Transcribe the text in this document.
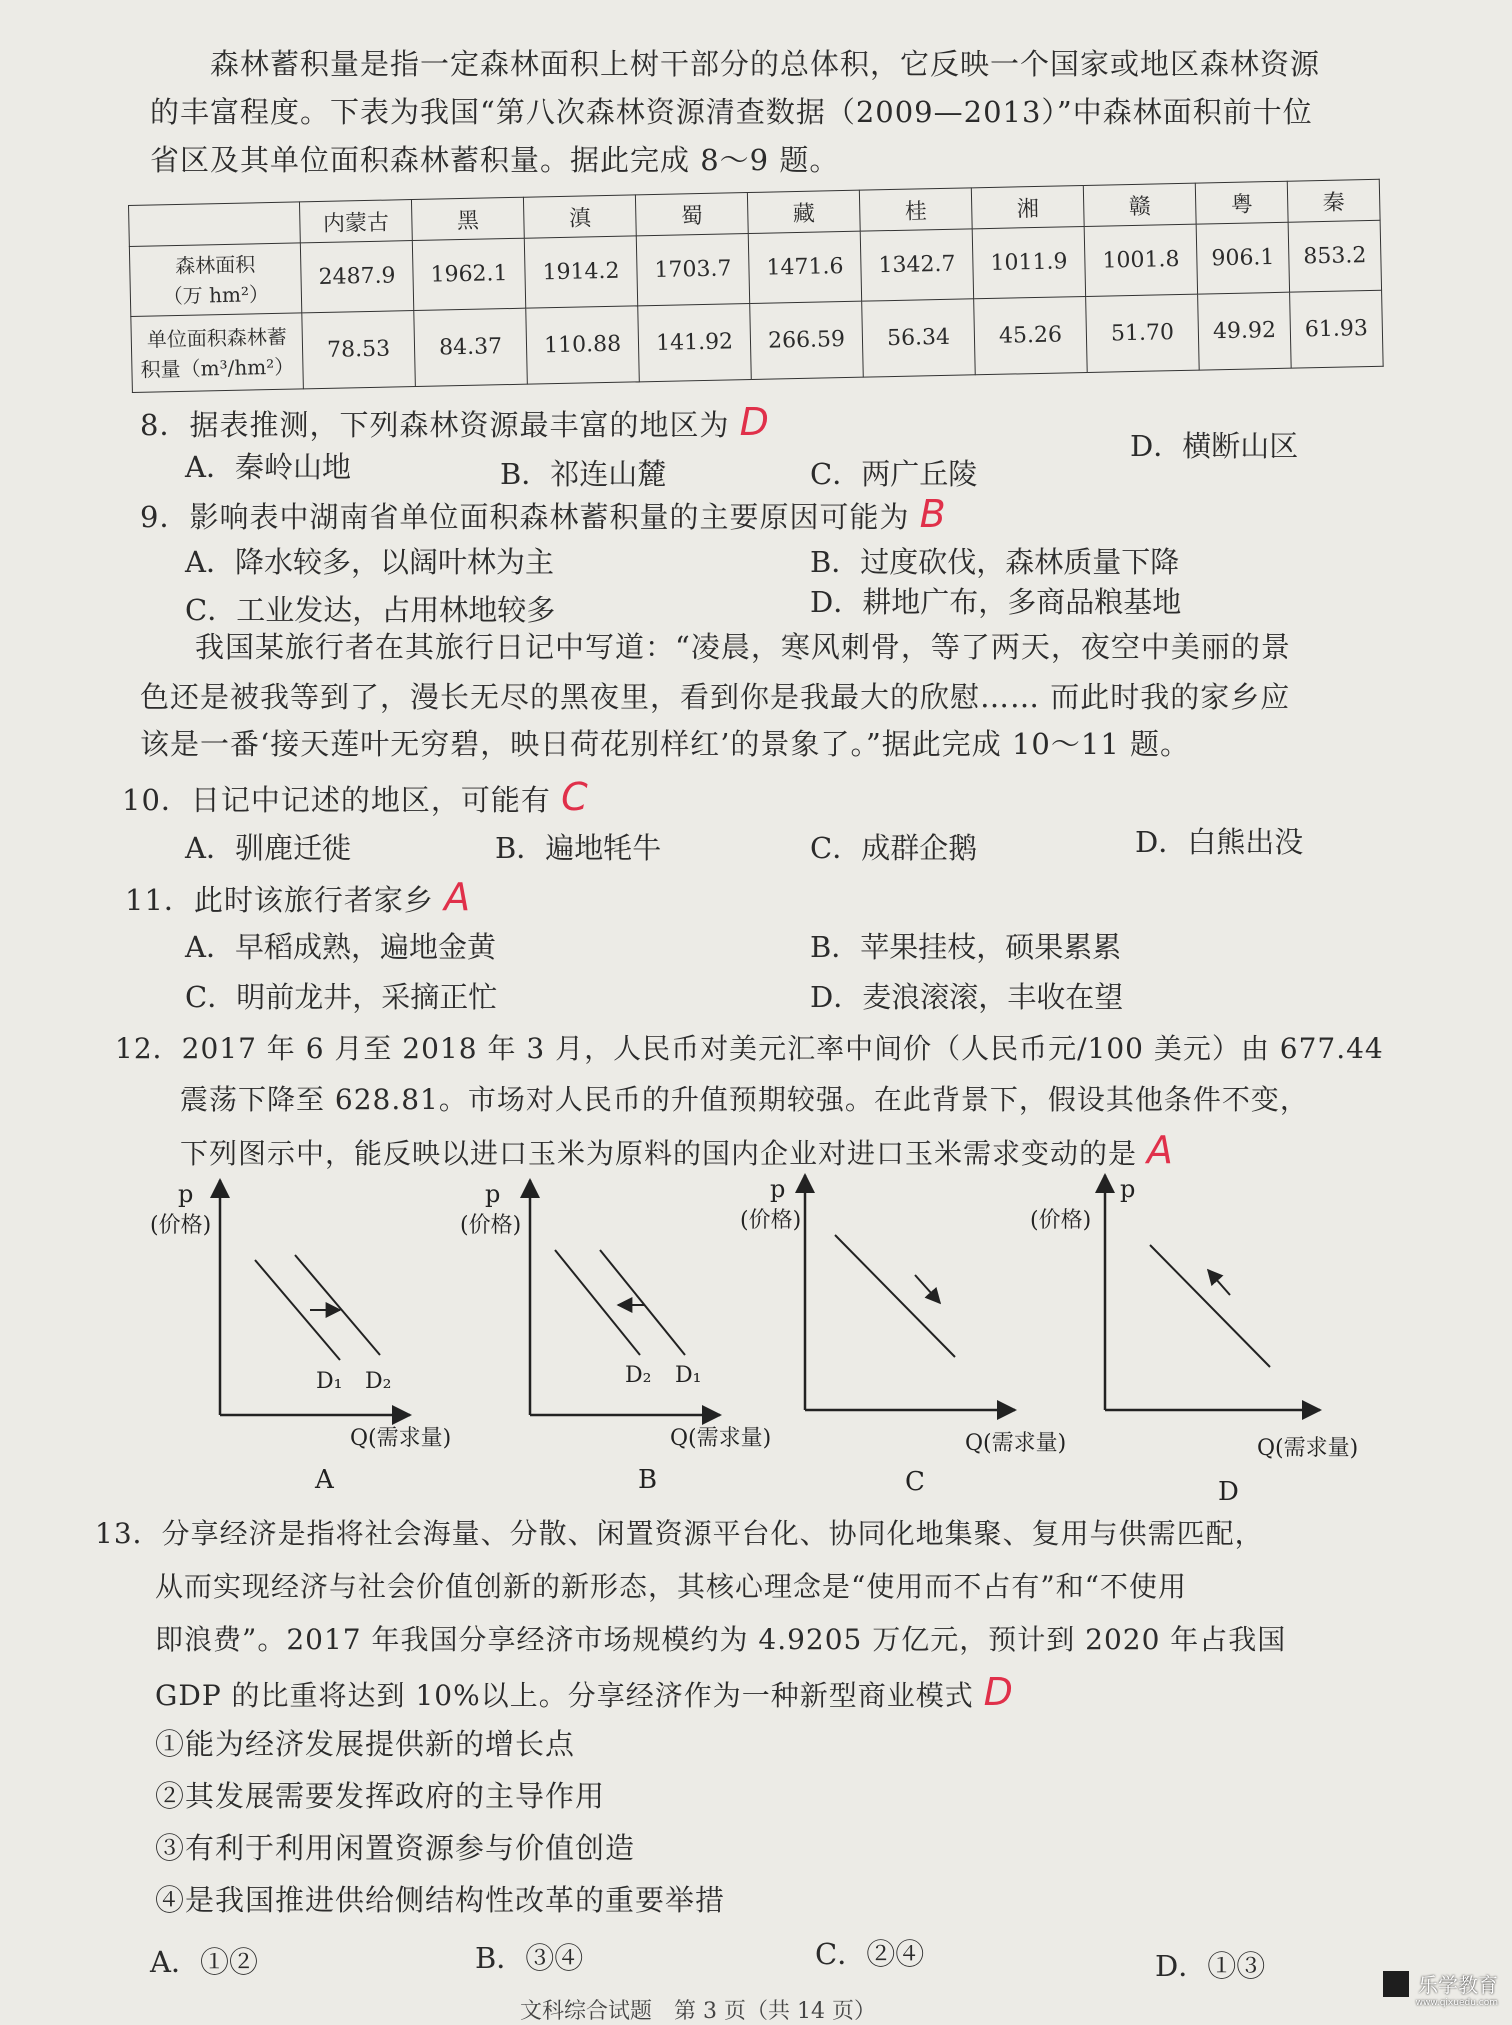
森林蓄积量是指一定森林面积上树干部分的总体积，它反映一个国家或地区森林资源
的丰富程度。下表为我国“第八次森林资源清查数据（2009—2013）”中森林面积前十位
省区及其单位面积森林蓄积量。据此完成 8～9 题。
	内蒙古	黑	滇	蜀	藏	桂	湘	赣	粤	秦

森林面积
（万 hm²）	2487.9	1962.1	1914.2	1703.7	1471.6	1342.7	1011.9	1001.8	906.1	853.2

单位面积森林蓄
积量（m³/hm²）	78.53	84.37	110.88	141.92	266.59	56.34	45.26	51.70	49.92	61.93
8．据表推测，下列森林资源最丰富的地区为 D
A．秦岭山地	B．祁连山麓	C．两广丘陵
D．横断山区
9．影响表中湖南省单位面积森林蓄积量的主要原因可能为 B
A．降水较多，以阔叶林为主	B．过度砍伐，森林质量下降
C．工业发达，占用林地较多	D．耕地广布，多商品粮基地
我国某旅行者在其旅行日记中写道：“凌晨，寒风刺骨，等了两天，夜空中美丽的景
色还是被我等到了，漫长无尽的黑夜里，看到你是我最大的欣慰…… 而此时我的家乡应
该是一番‘接天莲叶无穷碧，映日荷花别样红’的景象了。”据此完成 10～11 题。
10．日记中记述的地区，可能有 C
A．驯鹿迁徙	B．遍地牦牛	C．成群企鹅	D．白熊出没
11．此时该旅行者家乡 A
A．早稻成熟，遍地金黄	B．苹果挂枝，硕果累累
C．明前龙井，采摘正忙	D．麦浪滚滚，丰收在望
12．2017 年 6 月至 2018 年 3 月，人民币对美元汇率中间价（人民币元/100 美元）由 677.44
震荡下降至 628.81。市场对人民币的升值预期较强。在此背景下，假设其他条件不变，
下列图示中，能反映以进口玉米为原料的国内企业对进口玉米需求变动的是 A
p
(价格)
D₁ D₂
Q(需求量)
A
p
(价格)
D₂ D₁
Q(需求量)
B
p
(价格)
Q(需求量)
C
p
(价格)
Q(需求量)
D
13．分享经济是指将社会海量、分散、闲置资源平台化、协同化地集聚、复用与供需匹配，
从而实现经济与社会价值创新的新形态，其核心理念是“使用而不占有”和“不使用
即浪费”。2017 年我国分享经济市场规模约为 4.9205 万亿元，预计到 2020 年占我国
GDP 的比重将达到 10%以上。分享经济作为一种新型商业模式 D
①能为经济发展提供新的增长点
②其发展需要发挥政府的主导作用
③有利于利用闲置资源参与价值创造
④是我国推进供给侧结构性改革的重要举措
A．①②	B．③④	C．②④	D．①③
文科综合试题　第 3 页（共 14 页）
乐学教育
www.qixuedu.com
